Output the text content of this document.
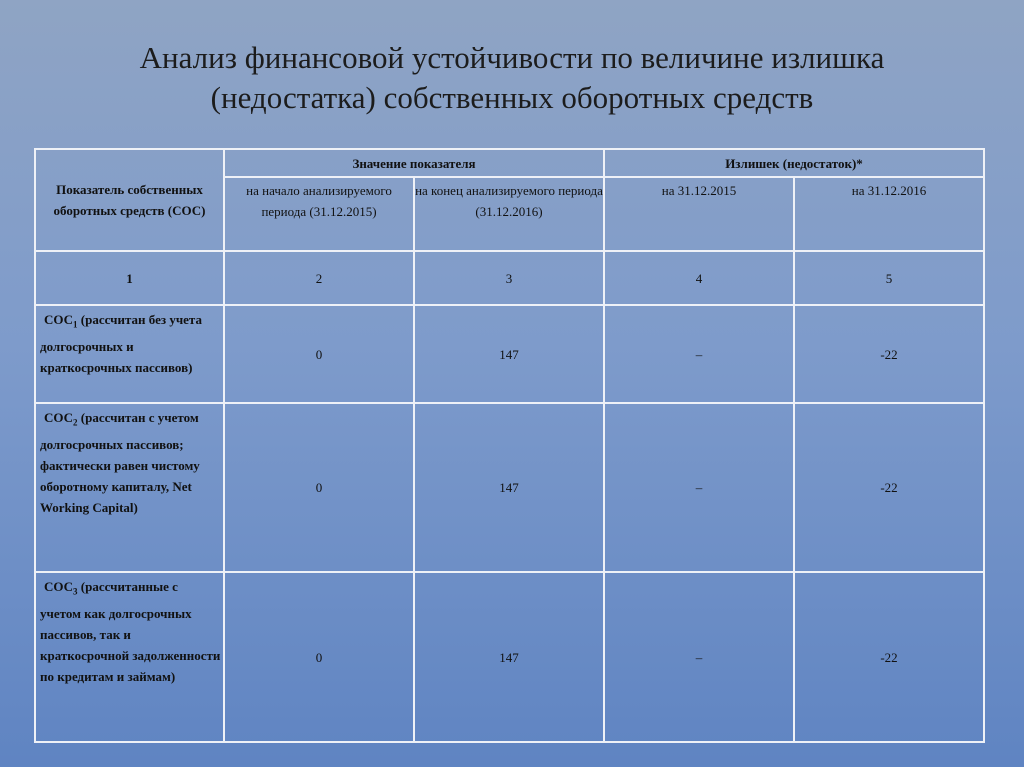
Анализ финансовой устойчивости по величине излишка
(недостатка) собственных оборотных средств
Показатель собственных оборотных средств (СОС)	Значение показателя		Излишек (недостаток)*	
	на начало анализируемого периода (31.12.2015)	на конец анализируемого периода (31.12.2016)	на 31.12.2015	на 31.12.2016
1	2	3	4	5
$СОС_1$ (рассчитан без учета долгосрочных и краткосрочных пассивов)	0	147	–	-22
$СОС_2$ (рассчитан с учетом долгосрочных пассивов; фактически равен чистому оборотному капиталу, Net Working Capital)	0	147	–	-22
$СОС_3$ (рассчитанные с учетом как долгосрочных пассивов, так и краткосрочной задолженности по кредитам и займам)	0	147	–	-22
